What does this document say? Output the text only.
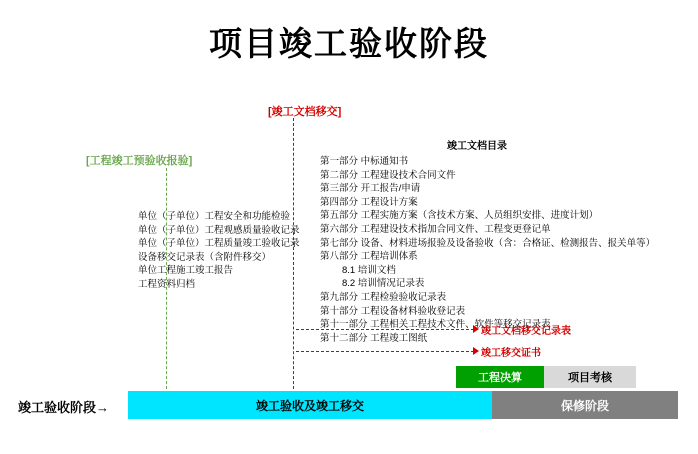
项目竣工验收阶段
[竣工文档移交]
[工程竣工预验收报验]
单位（子单位）工程安全和功能检验
单位（子单位）工程观感质量验收记录
单位（子单位）工程质量竣工验收记录
设备移交记录表（含附件移交）
单位工程施工竣工报告
工程资料归档
竣工文档目录
第一部分 中标通知书
第二部分 工程建设技术合同文件
第三部分 开工报告/申请
第四部分 工程设计方案
第五部分 工程实施方案（含技术方案、人员组织安排、进度计划）
第六部分 工程建设技术指加合同文件、工程变更登记单
第七部分 设备、材料进场报验及设备验收（含：合格证、检测报告、报关单等）
第八部分 工程培训体系
8.1 培训文档
8.2 培训情况记录表
第九部分 工程检验验收记录表
第十部分 工程设备材料验收登记表
第十一部分 工程相关工程技术文件、软件等移交记录表
第十二部分 工程竣工图纸
竣工文档移交记录表
竣工移交证书
竣工验收阶段→
工程决算	项目考核
竣工验收及竣工移交	保修阶段
